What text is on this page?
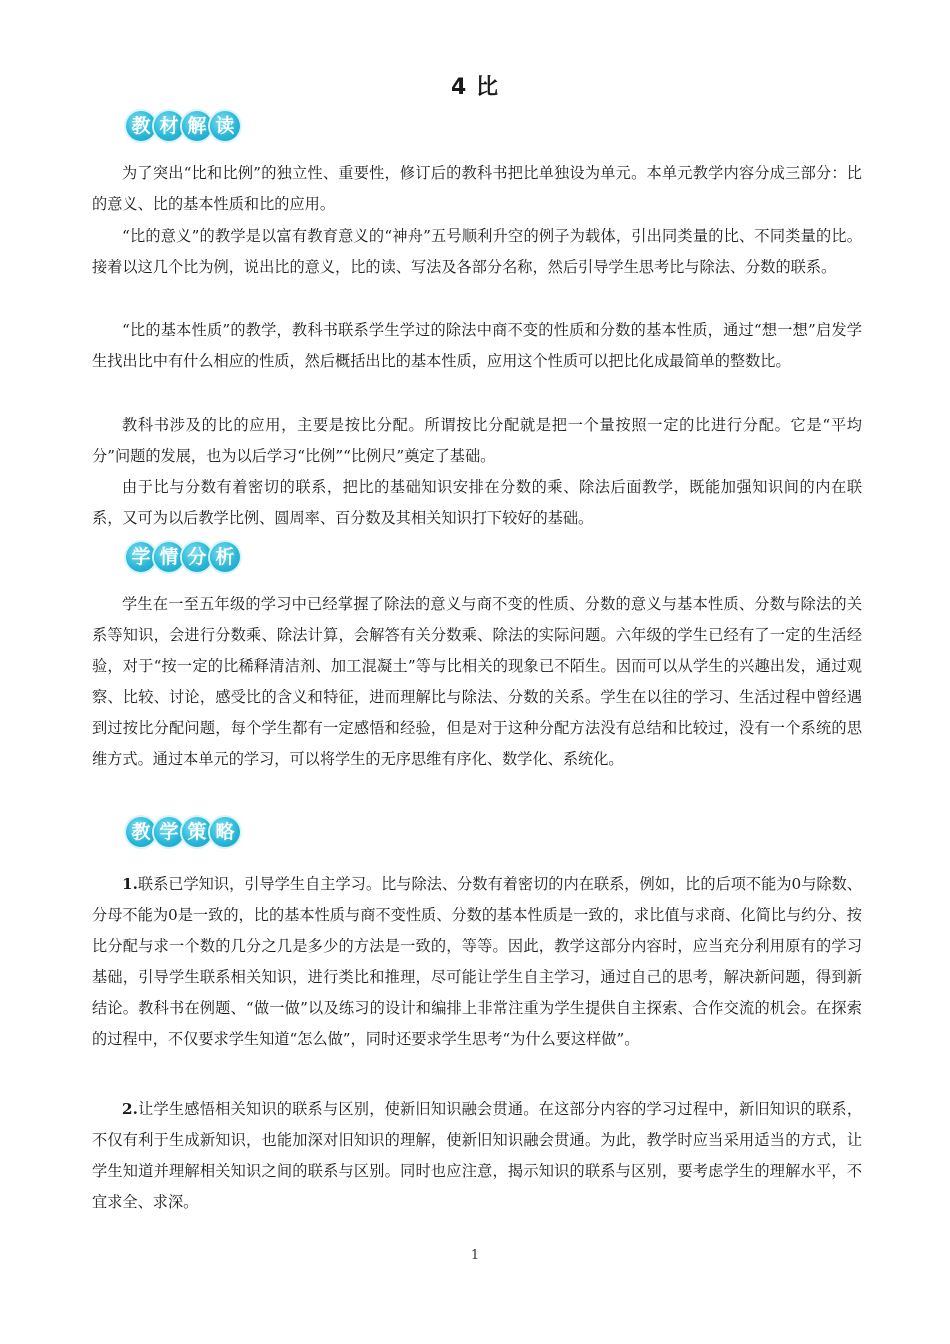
4 比
教 材 解 读

为了突出“比和比例”的独立性、重要性，修订后的教科书把比单独设为单元。本单元教学内容分成三部分：比的意义、比的基本性质和比的应用。

“比的意义”的教学是以富有教育意义的“神舟”五号顺利升空的例子为载体，引出同类量的比、不同类量的比。接着以这几个比为例，说出比的意义，比的读、写法及各部分名称，然后引导学生思考比与除法、分数的联系。

“比的基本性质”的教学，教科书联系学生学过的除法中商不变的性质和分数的基本性质，通过“想一想”启发学生找出比中有什么相应的性质，然后概括出比的基本性质，应用这个性质可以把比化成最简单的整数比。

教科书涉及的比的应用，主要是按比分配。所谓按比分配就是把一个量按照一定的比进行分配。它是“平均分”问题的发展，也为以后学习“比例”“比例尺”奠定了基础。

由于比与分数有着密切的联系，把比的基础知识安排在分数的乘、除法后面教学，既能加强知识间的内在联系，又可为以后教学比例、圆周率、百分数及其相关知识打下较好的基础。

学 情 分 析

学生在一至五年级的学习中已经掌握了除法的意义与商不变的性质、分数的意义与基本性质、分数与除法的关系等知识，会进行分数乘、除法计算，会解答有关分数乘、除法的实际问题。六年级的学生已经有了一定的生活经验，对于“按一定的比稀释清洁剂、加工混凝土”等与比相关的现象已不陌生。因而可以从学生的兴趣出发，通过观察、比较、讨论，感受比的含义和特征，进而理解比与除法、分数的关系。学生在以往的学习、生活过程中曾经遇到过按比分配问题，每个学生都有一定感悟和经验，但是对于这种分配方法没有总结和比较过，没有一个系统的思维方式。通过本单元的学习，可以将学生的无序思维有序化、数学化、系统化。

教 学 策 略

1.联系已学知识，引导学生自主学习。比与除法、分数有着密切的内在联系，例如，比的后项不能为0与除数、分母不能为0是一致的，比的基本性质与商不变性质、分数的基本性质是一致的，求比值与求商、化简比与约分、按比分配与求一个数的几分之几是多少的方法是一致的，等等。因此，教学这部分内容时，应当充分利用原有的学习基础，引导学生联系相关知识，进行类比和推理，尽可能让学生自主学习，通过自己的思考，解决新问题，得到新结论。教科书在例题、“做一做”以及练习的设计和编排上非常注重为学生提供自主探索、合作交流的机会。在探索的过程中，不仅要求学生知道“怎么做”，同时还要求学生思考“为什么要这样做”。

2.让学生感悟相关知识的联系与区别，使新旧知识融会贯通。在这部分内容的学习过程中，新旧知识的联系，不仅有利于生成新知识，也能加深对旧知识的理解，使新旧知识融会贯通。为此，教学时应当采用适当的方式，让学生知道并理解相关知识之间的联系与区别。同时也应注意，揭示知识的联系与区别，要考虑学生的理解水平，不宜求全、求深。

1
